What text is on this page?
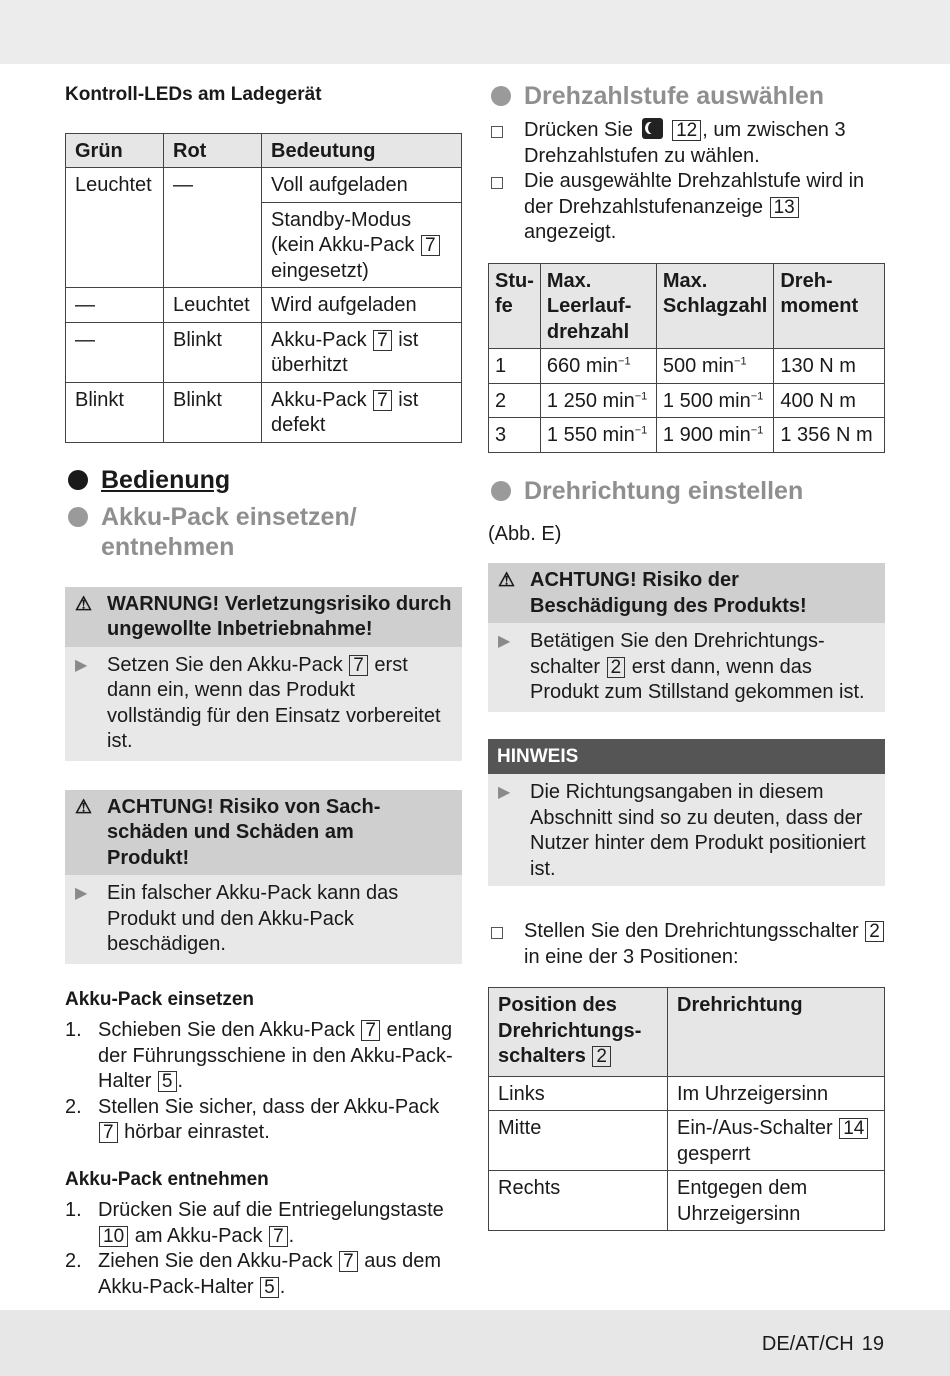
Kontroll-LEDs am Ladegerät
Grün	Rot	Bedeutung
Leuchtet	—	Voll aufgeladen
		Standby-Modus (kein Akku-Pack 7 eingesetzt)
—	Leuchtet	Wird aufgeladen
—	Blinkt	Akku-Pack 7 ist überhitzt
Blinkt	Blinkt	Akku-Pack 7 ist defekt
Bedienung
Akku-Pack einsetzen/ entnehmen
⚠ WARNUNG! Verletzungsrisiko durch ungewollte Inbetriebnahme!
▶ Setzen Sie den Akku-Pack 7 erst dann ein, wenn das Produkt vollständig für den Einsatz vorbereitet ist.
⚠ ACHTUNG! Risiko von Sachschäden und Schäden am Produkt!
▶ Ein falscher Akku-Pack kann das Produkt und den Akku-Pack beschädigen.
Akku-Pack einsetzen
1. Schieben Sie den Akku-Pack 7 entlang der Führungsschiene in den Akku-Pack-Halter 5 .
2. Stellen Sie sicher, dass der Akku-Pack 7 hörbar einrastet.
Akku-Pack entnehmen
1. Drücken Sie auf die Entriegelungstaste 10 am Akku-Pack 7 .
2. Ziehen Sie den Akku-Pack 7 aus dem Akku-Pack-Halter 5 .
Drehzahlstufe auswählen
Drücken Sie 12 , um zwischen 3 Drehzahlstufen zu wählen.
Die ausgewählte Drehzahlstufe wird in der Drehzahlstufenanzeige 13 angezeigt.
Stu-fe	Max. Leerlauf-drehzahl	Max. Schlagzahl	Dreh-moment
1	660 $\min^{-1}$	500 $\min^{-1}$	130 N m
2	1 250 $\min^{-1}$	1 500 $\min^{-1}$	400 N m
3	1 550 $\min^{-1}$	1 900 $\min^{-1}$	1 356 N m
Drehrichtung einstellen
(Abb. E)
⚠ ACHTUNG! Risiko der Beschädigung des Produkts!
▶ Betätigen Sie den Drehrichtungsschalter 2 erst dann, wenn das Produkt zum Stillstand gekommen ist.
HINWEIS
▶ Die Richtungsangaben in diesem Abschnitt sind so zu deuten, dass der Nutzer hinter dem Produkt positioniert ist.
Stellen Sie den Drehrichtungsschalter 2 in eine der 3 Positionen:
Position des Drehrichtungsschalters 2	Drehrichtung
Links	Im Uhrzeigersinn
Mitte	Ein-/Aus-Schalter 14 gesperrt
Rechts	Entgegen dem Uhrzeigersinn
DE/AT/CH 19
